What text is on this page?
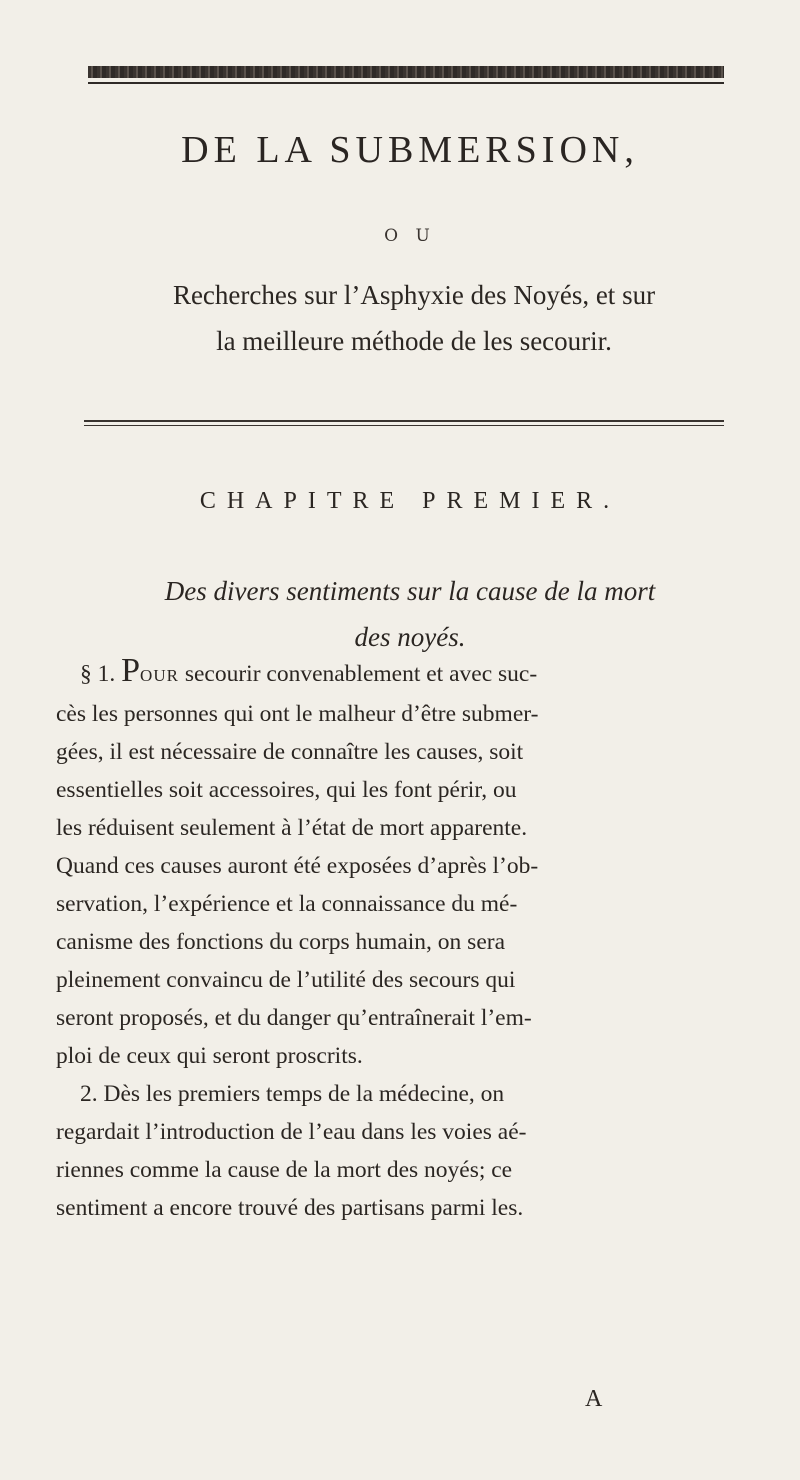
DE LA SUBMERSION,
O U
Recherches sur l’Asphyxie des Noyés, et sur
la meilleure méthode de les secourir.
CHAPITRE PREMIER.
Des divers sentiments sur la cause de la mort
des noyés.
§ 1. POUR secourir convenablement et avec suc-
cès les personnes qui ont le malheur d’être submer-
gées, il est nécessaire de connaître les causes, soit
essentielles soit accessoires, qui les font périr, ou
les réduisent seulement à l’état de mort apparente.
Quand ces causes auront été exposées d’après l’ob-
servation, l’expérience et la connaissance du mé-
canisme des fonctions du corps humain, on sera
pleinement convaincu de l’utilité des secours qui
seront proposés, et du danger qu’entraînerait l’em-
ploi de ceux qui seront proscrits.
2. Dès les premiers temps de la médecine, on
regardait l’introduction de l’eau dans les voies aé-
riennes comme la cause de la mort des noyés; ce
sentiment a encore trouvé des partisans parmi les.
A
